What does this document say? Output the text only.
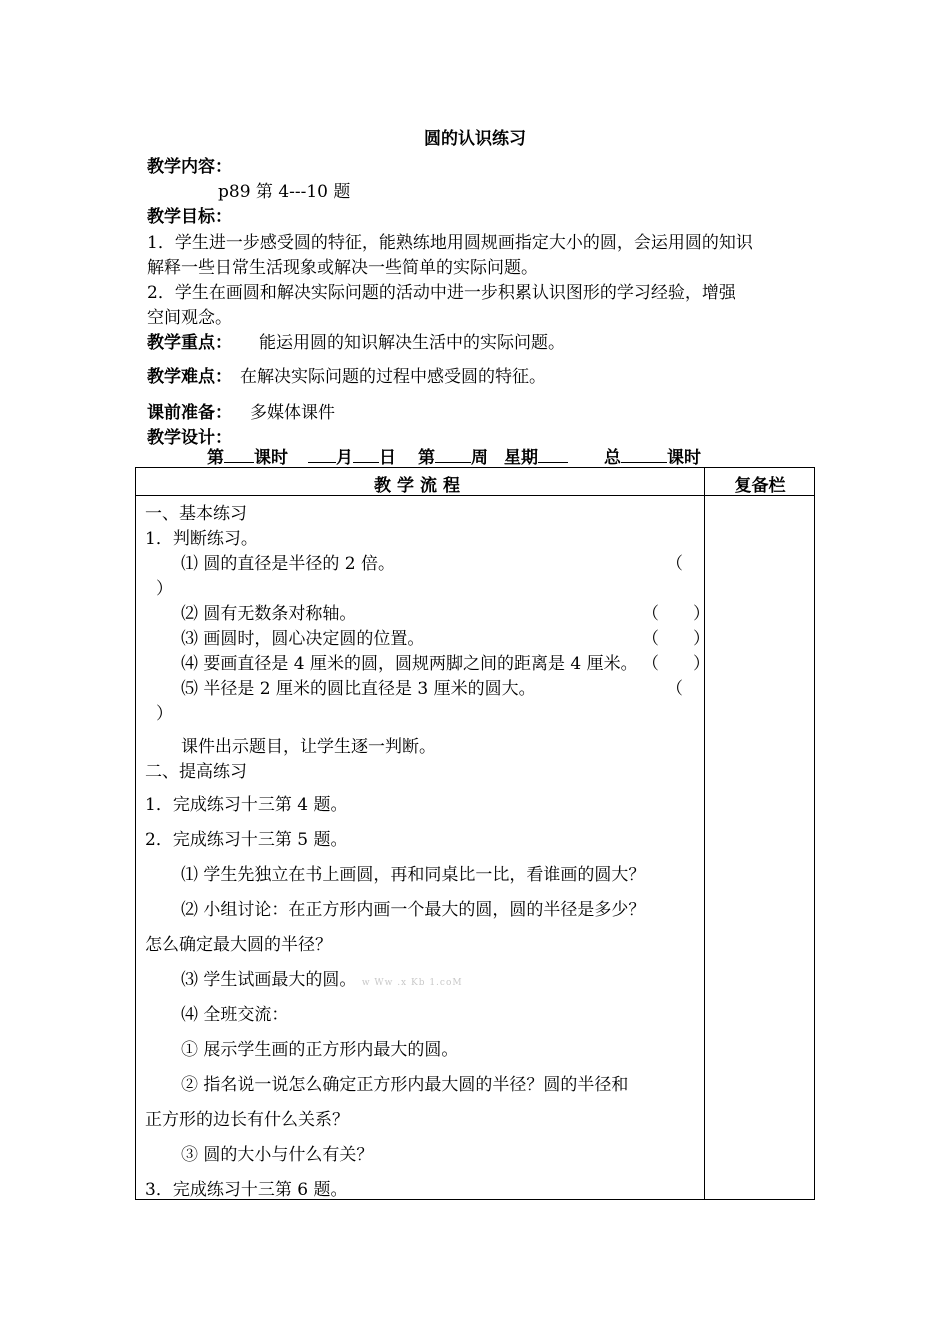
圆的认识练习
教学内容：
p89 第 4---10 题
教学目标：
1．学生进一步感受圆的特征，能熟练地用圆规画指定大小的圆，会运用圆的知识
解释一些日常生活现象或解决一些简单的实际问题。
2．学生在画圆和解决实际问题的活动中进一步积累认识图形的学习经验，增强
空间观念。
教学重点： 能运用圆的知识解决生活中的实际问题。
教学难点： 在解决实际问题的过程中感受圆的特征。
课前准备： 多媒体课件
教学设计：
第 课时	月 日 第 周 星期	总	课时
教学流程	复备栏
一、基本练习
1．判断练习。
⑴ 圆的直径是半径的 2 倍。	（
）
⑵ 圆有无数条对称轴。	（　　）
⑶ 画圆时，圆心决定圆的位置。	（　　）
⑷ 要画直径是 4 厘米的圆，圆规两脚之间的距离是 4 厘米。 （　　）
⑸ 半径是 2 厘米的圆比直径是 3 厘米的圆大。	（
）
课件出示题目，让学生逐一判断。
二、提高练习
1．完成练习十三第 4 题。
2．完成练习十三第 5 题。
⑴ 学生先独立在书上画圆，再和同桌比一比，看谁画的圆大？
⑵ 小组讨论：在正方形内画一个最大的圆，圆的半径是多少？
怎么确定最大圆的半径？
⑶ 学生试画最大的圆。 w Ww .x Kb 1.coM
⑷ 全班交流：
① 展示学生画的正方形内最大的圆。
② 指名说一说怎么确定正方形内最大圆的半径？圆的半径和
正方形的边长有什么关系？
③ 圆的大小与什么有关？
3．完成练习十三第 6 题。
